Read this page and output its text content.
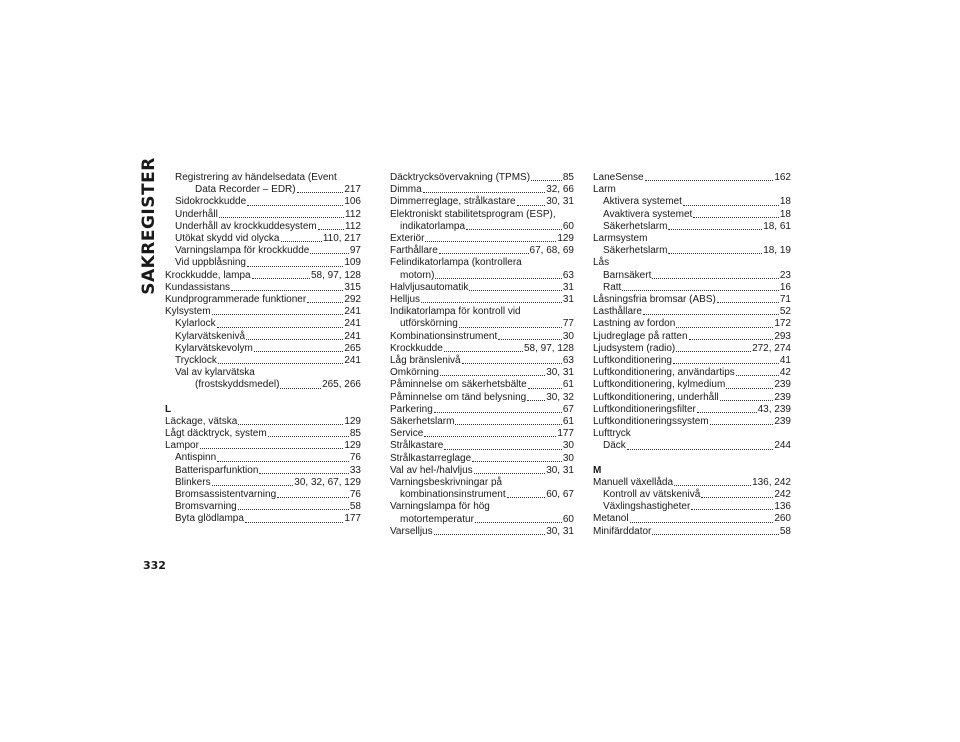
SAKREGISTER Registrering av händelsedata (Event
Data Recorder – EDR)	217
Sidokrockkudde	106
Underhåll	112
Underhåll av krockkuddesystem	112
Utökat skydd vid olycka	110, 217
Varningslampa för krockkudde	97
Vid uppblåsning	109
Krockkudde, lampa	58, 97, 128
Kundassistans	315
Kundprogrammerade funktioner	292
Kylsystem	241
Kylarlock	241
Kylarvätskenivå	241
Kylarvätskevolym	265
Trycklock	241
Val av kylarvätska
(frostskyddsmedel)	265, 266
L
Läckage, vätska	129
Lågt däcktryck, system	85
Lampor	129
Antispinn	76
Batterisparfunktion	33
Blinkers	30, 32, 67, 129
Bromsassistentvarning	76
Bromsvarning	58
Byta glödlampa	177
Däcktrycksövervakning (TPMS)	85
Dimma	32, 66
Dimmerreglage, strålkastare	30, 31
Elektroniskt stabilitetsprogram (ESP),
indikatorlampa	60
Exteriör	129
Farthållare	67, 68, 69
Felindikatorlampa (kontrollera
motorn)	63
Halvljusautomatik	31
Helljus	31
Indikatorlampa för kontroll vid
utförskörning	77
Kombinationsinstrument	30
Krockkudde	58, 97, 128
Låg bränslenivå	63
Omkörning	30, 31
Påminnelse om säkerhetsbälte	61
Påminnelse om tänd belysning 30, 32
Parkering	67
Säkerhetslarm	61
Service	177
Strålkastare	30
Strålkastarreglage	30
Val av hel-/halvljus	30, 31
Varningsbeskrivningar på
kombinationsinstrument	60, 67
Varningslampa för hög
motortemperatur	60
Varselljus	30, 31
LaneSense	162
Larm
Aktivera systemet	18
Avaktivera systemet	18
Säkerhetslarm	18, 61
Larmsystem
Säkerhetslarm	18, 19
Lås
Barnsäkert	23
Ratt	16
Låsningsfria bromsar (ABS)	71
Lasthållare	52
Lastning av fordon	172
Ljudreglage på ratten	293
Ljudsystem (radio)	272, 274
Luftkonditionering	41
Luftkonditionering, användartips	42
Luftkonditionering, kylmedium	239
Luftkonditionering, underhåll	239
Luftkonditioneringsfilter	43, 239
Luftkonditioneringssystem	239
Lufttryck
Däck	244
M
Manuell växellåda	136, 242
Kontroll av vätskenivå	242
Växlingshastigheter	136
Metanol	260
Minifärddator	58
332
